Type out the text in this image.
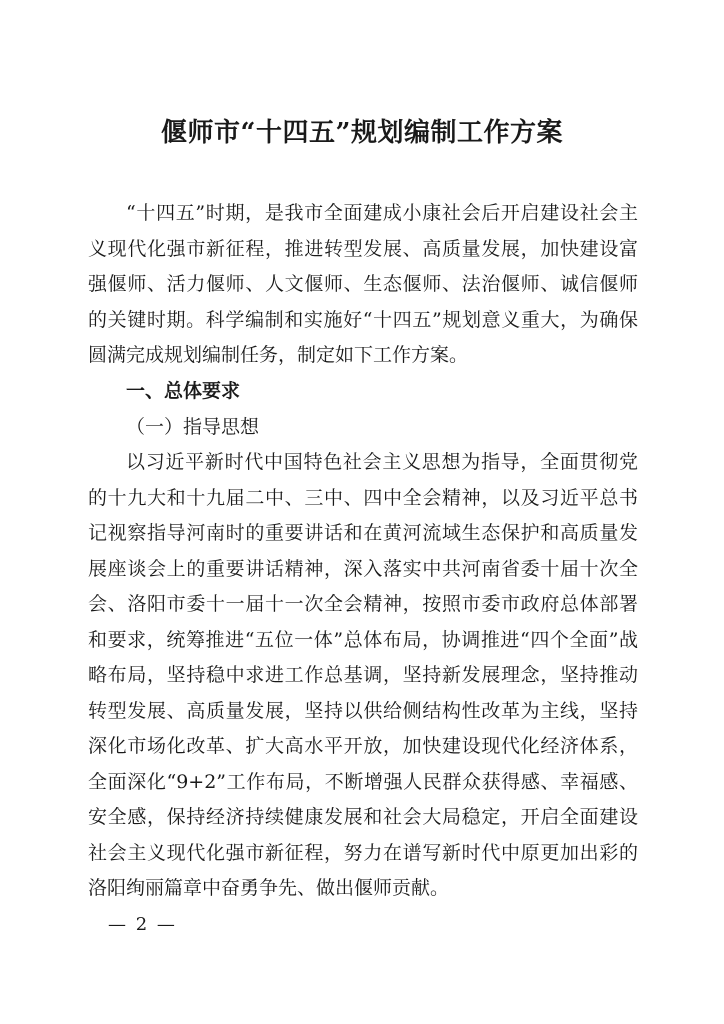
偃师市“十四五”规划编制工作方案

“十四五”时期，是我市全面建成小康社会后开启建设社会主义现代化强市新征程，推进转型发展、高质量发展，加快建设富强偃师、活力偃师、人文偃师、生态偃师、法治偃师、诚信偃师的关键时期。科学编制和实施好“十四五”规划意义重大，为确保圆满完成规划编制任务，制定如下工作方案。

一、总体要求
（一）指导思想

以习近平新时代中国特色社会主义思想为指导，全面贯彻党的十九大和十九届二中、三中、四中全会精神，以及习近平总书记视察指导河南时的重要讲话和在黄河流域生态保护和高质量发展座谈会上的重要讲话精神，深入落实中共河南省委十届十次全会、洛阳市委十一届十一次全会精神，按照市委市政府总体部署和要求，统筹推进“五位一体”总体布局，协调推进“四个全面”战略布局，坚持稳中求进工作总基调，坚持新发展理念，坚持推动转型发展、高质量发展，坚持以供给侧结构性改革为主线，坚持深化市场化改革、扩大高水平开放，加快建设现代化经济体系，全面深化“9+2”工作布局，不断增强人民群众获得感、幸福感、安全感，保持经济持续健康发展和社会大局稳定，开启全面建设社会主义现代化强市新征程，努力在谱写新时代中原更加出彩的洛阳绚丽篇章中奋勇争先、做出偃师贡献。

— 2 —
